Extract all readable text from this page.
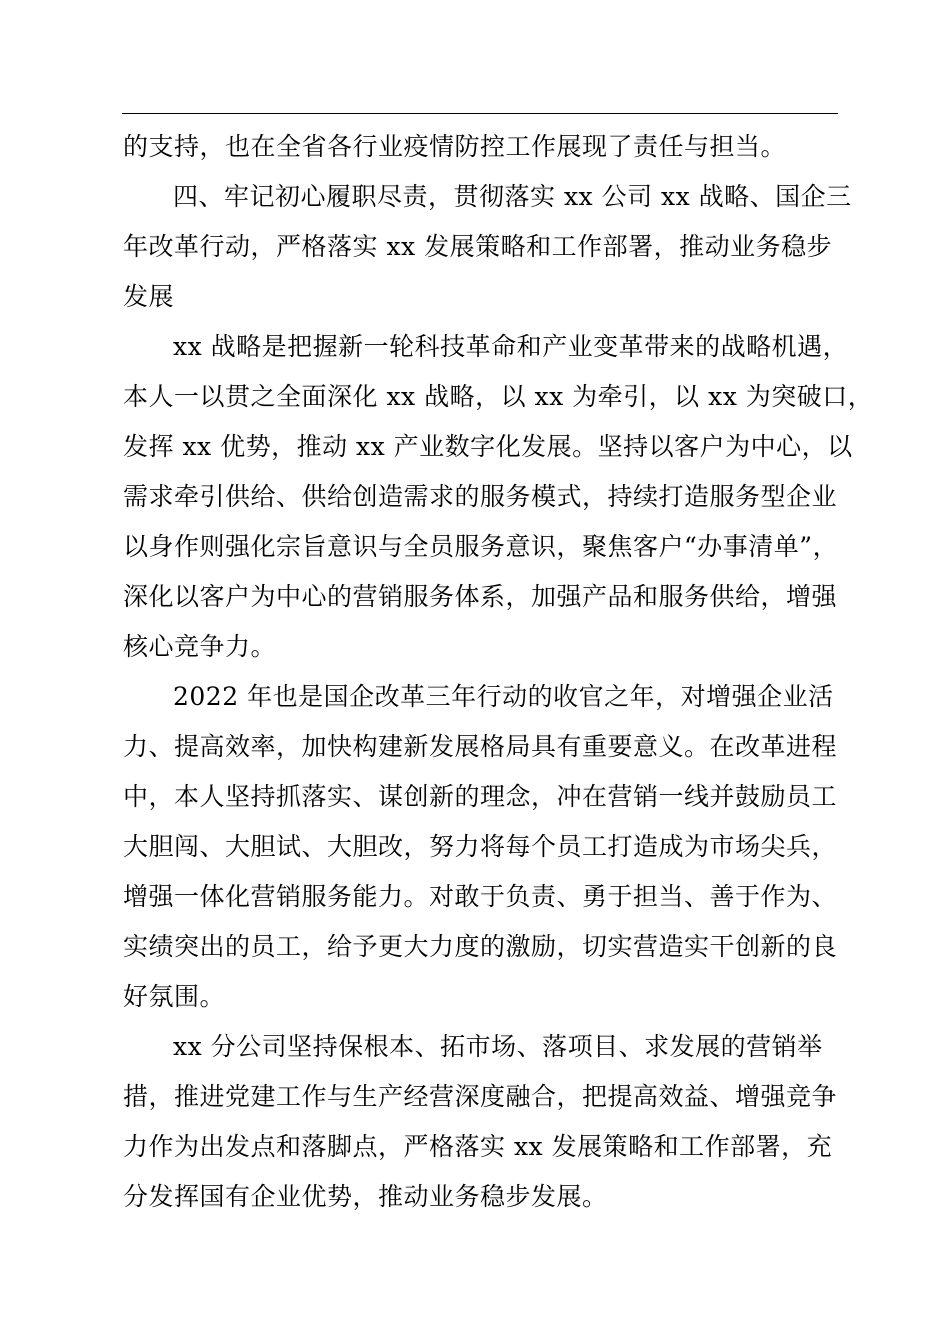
的支持，也在全省各行业疫情防控工作展现了责任与担当。
四、牢记初心履职尽责，贯彻落实 xx 公司 xx 战略、国企三
年改革行动，严格落实 xx 发展策略和工作部署，推动业务稳步
发展
xx 战略是把握新一轮科技革命和产业变革带来的战略机遇，
本人一以贯之全面深化 xx 战略，以 xx 为牵引，以 xx 为突破口，
发挥 xx 优势，推动 xx 产业数字化发展。坚持以客户为中心，以
需求牵引供给、供给创造需求的服务模式，持续打造服务型企业
以身作则强化宗旨意识与全员服务意识，聚焦客户“办事清单”，
深化以客户为中心的营销服务体系，加强产品和服务供给，增强
核心竞争力。
2022 年也是国企改革三年行动的收官之年，对增强企业活
力、提高效率，加快构建新发展格局具有重要意义。在改革进程
中，本人坚持抓落实、谋创新的理念，冲在营销一线并鼓励员工
大胆闯、大胆试、大胆改，努力将每个员工打造成为市场尖兵，
增强一体化营销服务能力。对敢于负责、勇于担当、善于作为、
实绩突出的员工，给予更大力度的激励，切实营造实干创新的良
好氛围。
xx 分公司坚持保根本、拓市场、落项目、求发展的营销举
措，推进党建工作与生产经营深度融合，把提高效益、增强竞争
力作为出发点和落脚点，严格落实 xx 发展策略和工作部署，充
分发挥国有企业优势，推动业务稳步发展。
